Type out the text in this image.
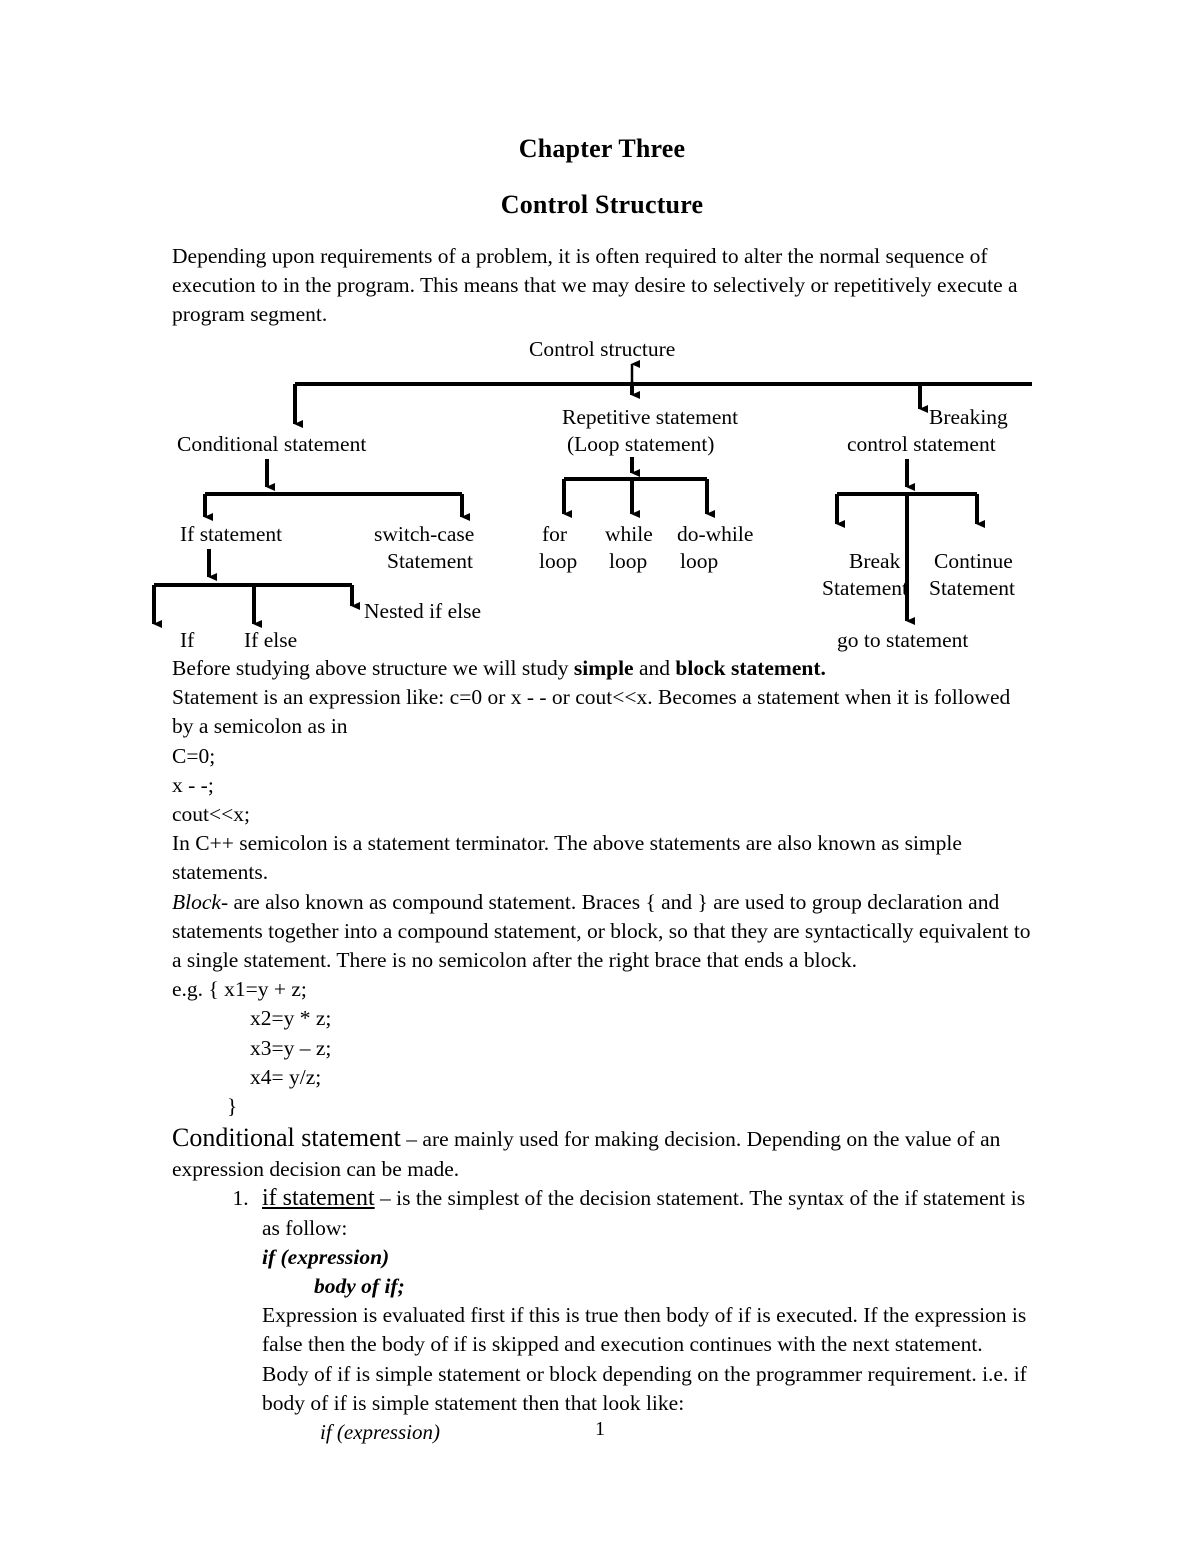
Chapter Three
Control Structure

Depending upon requirements of a problem, it is often required to alter the normal sequence of execution to in the program. This means that we may desire to selectively or repetitively execute a program segment.

Control structure
Conditional statement
Repetitive statement
(Loop statement)
Breaking
control statement
If statement	switch-case
Statement
Nested if else
If If else
for
loop
while
loop
do-while
loop	Break
Statement
Continue
Statement
go to statement

Before studying above structure we will study simple and block statement.

Statement is an expression like: c=0 or x - - or cout<<x. Becomes a statement when it is followed by a semicolon as in

C=0;

x - -;

cout<<x;

In C++ semicolon is a statement terminator. The above statements are also known as simple statements.

Block- are also known as compound statement. Braces { and } are used to group declaration and statements together into a compound statement, or block, so that they are syntactically equivalent to a single statement. There is no semicolon after the right brace that ends a block.

e.g. { x1=y + z;

x2=y * z;

x3=y – z;

x4= y/z;

}

Conditional statement – are mainly used for making decision. Depending on the value of an expression decision can be made.

1. if statement – is the simplest of the decision statement. The syntax of the if statement is as follow:
if (expression)
body of if;
Expression is evaluated first if this is true then body of if is executed. If the expression is false then the body of if is skipped and execution continues with the next statement. Body of if is simple statement or block depending on the programmer requirement. i.e. if body of if is simple statement then that look like:
if (expression)	1
